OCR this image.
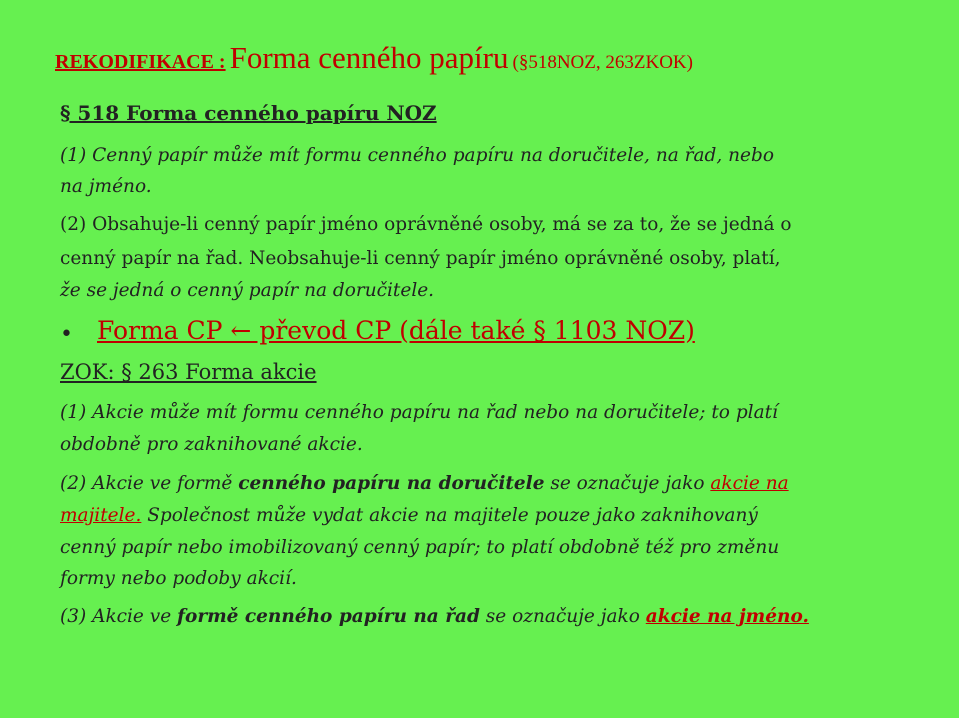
REKODIFIKACE : Forma cenného papíru (§518NOZ, 263ZKOK)
§ 518 Forma cenného papíru NOZ
(1) Cenný papír může mít formu cenného papíru na doručitele, na řad, nebo
na jméno.
(2) Obsahuje-li cenný papír jméno oprávněné osoby, má se za to, že se jedná o
cenný papír na řad. Neobsahuje-li cenný papír jméno oprávněné osoby, platí,
že se jedná o cenný papír na doručitele.
• Forma CP ← převod CP (dále také § 1103 NOZ)
ZOK: § 263 Forma akcie
(1) Akcie může mít formu cenného papíru na řad nebo na doručitele; to platí
obdobně pro zaknihované akcie.
(2) Akcie ve formě cenného papíru na doručitele se označuje jako akcie na
majitele. Společnost může vydat akcie na majitele pouze jako zaknihovaný
cenný papír nebo imobilizovaný cenný papír; to platí obdobně též pro změnu
formy nebo podoby akcií.
(3) Akcie ve formě cenného papíru na řad se označuje jako akcie na jméno.
